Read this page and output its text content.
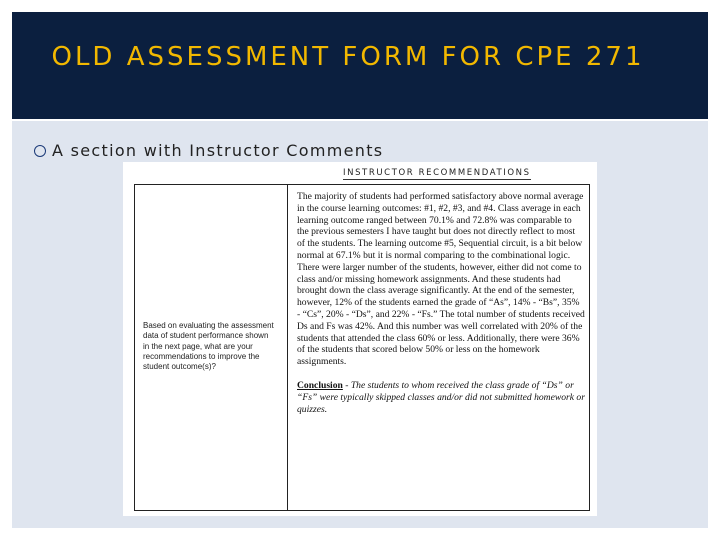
OLD ASSESSMENT FORM FOR CPE 271
A section with Instructor Comments
INSTRUCTOR RECOMMENDATIONS
Based on evaluating the assessment data of student performance shown in the next page, what are your recommendations to improve the student outcome(s)?

The majority of students had performed satisfactory above normal average in the course learning outcomes: #1, #2, #3, and #4. Class average in each learning outcome ranged between 70.1% and 72.8% was comparable to the previous semesters I have taught but does not directly reflect to most of the students. The learning outcome #5, Sequential circuit, is a bit below normal at 67.1% but it is normal comparing to the combinational logic. There were larger number of the students, however, either did not come to class and/or missing homework assignments. And these students had brought down the class average significantly. At the end of the semester, however, 12% of the students earned the grade of “As”, 14% - “Bs”, 35% - “Cs”, 20% - “Ds”, and 22% - “Fs.” The total number of students received Ds and Fs was 42%. And this number was well correlated with 20% of the students that attended the class 60% or less. Additionally, there were 36% of the students that scored below 50% or less on the homework assignments.

Conclusion - The students to whom received the class grade of “Ds” or “Fs” were typically skipped classes and/or did not submitted homework or quizzes.
